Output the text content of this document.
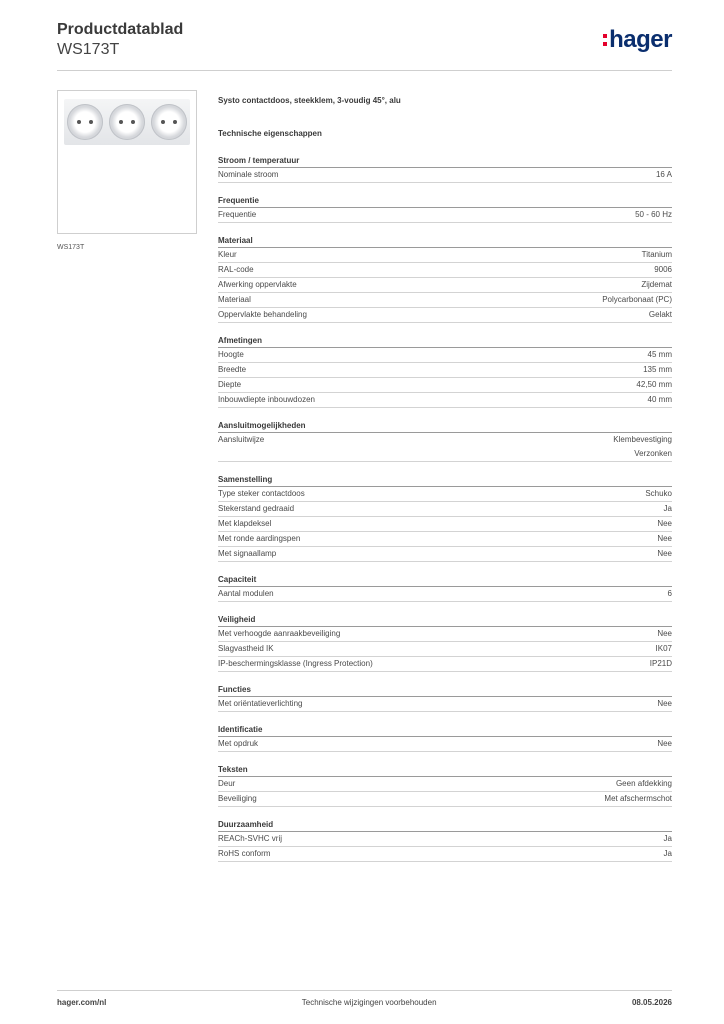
Productdatablad
WS173T	hager
WS173T
Systo contactdoos, steekklem, 3-voudig 45°, alu
Technische eigenschappen
Stroom / temperatuur
Nominale stroom	16 A
Frequentie
Frequentie	50 - 60 Hz
Materiaal
Kleur	Titanium
RAL-code	9006
Afwerking oppervlakte	Zijdemat
Materiaal	Polycarbonaat (PC)
Oppervlakte behandeling	Gelakt
Afmetingen
Hoogte	45 mm
Breedte	135 mm
Diepte	42,50 mm
Inbouwdiepte inbouwdozen	40 mm
Aansluitmogelijkheden
Aansluitwijze	Klembevestiging
Verzonken
Samenstelling
Type steker contactdoos	Schuko
Stekerstand gedraaid	Ja
Met klapdeksel	Nee
Met ronde aardingspen	Nee
Met signaallamp	Nee
Capaciteit
Aantal modulen	6
Veiligheid
Met verhoogde aanraakbeveiliging	Nee
Slagvastheid IK	IK07
IP-beschermingsklasse (Ingress Protection)	IP21D
Functies
Met oriëntatieverlichting	Nee
Identificatie
Met opdruk	Nee
Teksten
Deur	Geen afdekking
Beveiliging	Met afschermschot
Duurzaamheid
REACh-SVHC vrij	Ja
RoHS conform	Ja
hager.com/nl	Technische wijzigingen voorbehouden	08.05.2026
